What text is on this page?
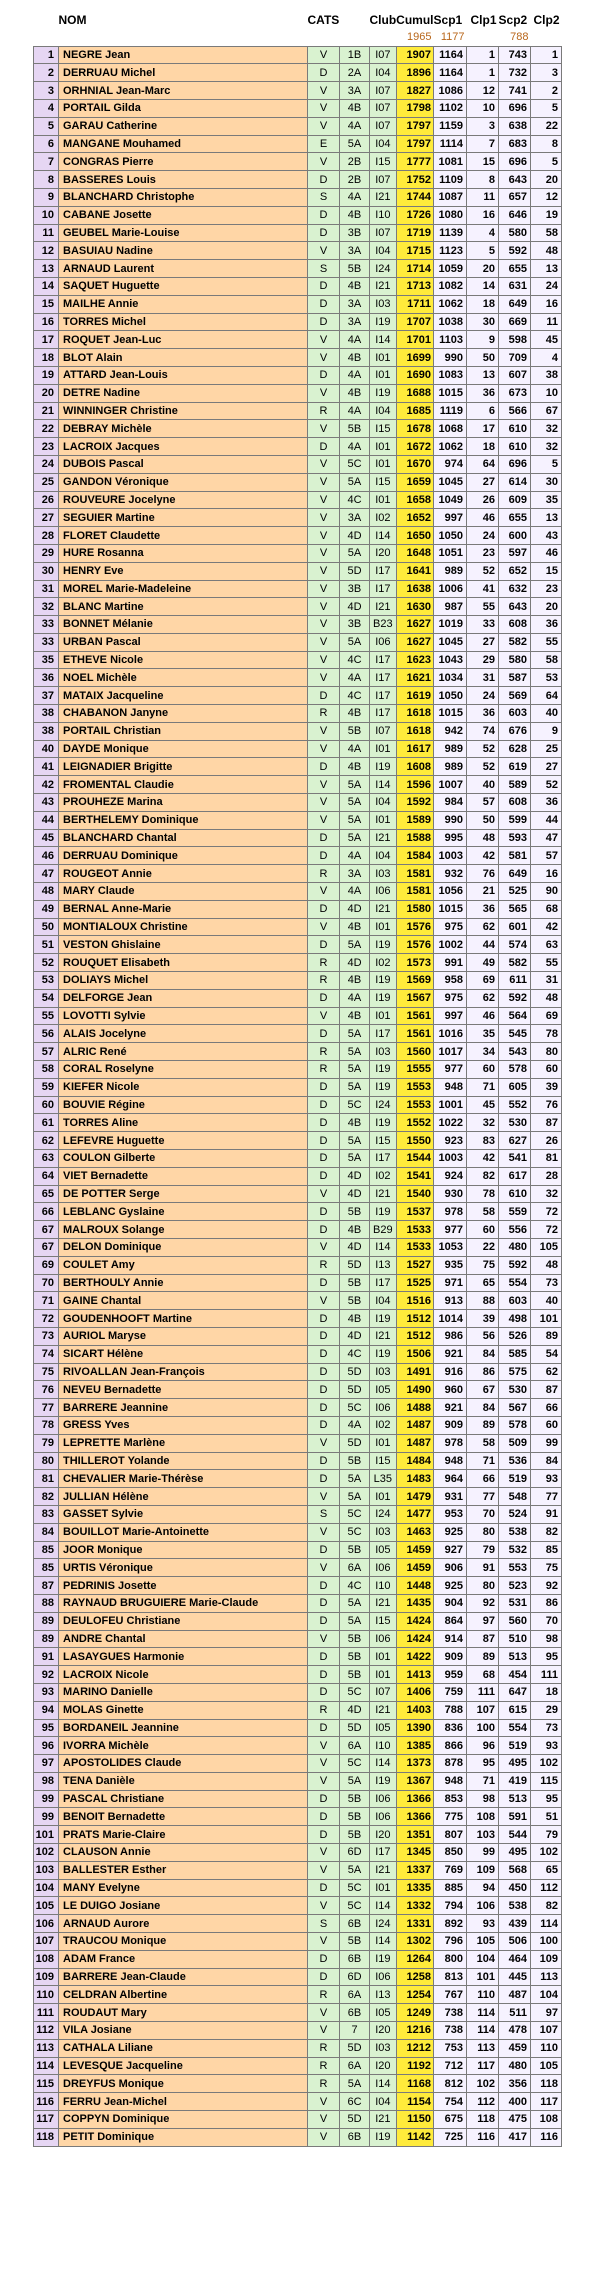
	NOM	CATS		Club	Cumul	Scp1	Clp1	Scp2	Clp2
					1965	1177		788	
1	NEGRE Jean	V	1B	I07	1907	1164	1	743	1
2	DERRUAU Michel	D	2A	I04	1896	1164	1	732	3
3	ORHNIAL Jean-Marc	V	3A	I07	1827	1086	12	741	2
4	PORTAIL Gilda	V	4B	I07	1798	1102	10	696	5
5	GARAU Catherine	V	4A	I07	1797	1159	3	638	22
6	MANGANE Mouhamed	E	5A	I04	1797	1114	7	683	8
7	CONGRAS Pierre	V	2B	I15	1777	1081	15	696	5
8	BASSERES Louis	D	2B	I07	1752	1109	8	643	20
9	BLANCHARD Christophe	S	4A	I21	1744	1087	11	657	12
10	CABANE Josette	D	4B	I10	1726	1080	16	646	19
11	GEUBEL Marie-Louise	D	3B	I07	1719	1139	4	580	58
12	BASUIAU Nadine	V	3A	I04	1715	1123	5	592	48
13	ARNAUD Laurent	S	5B	I24	1714	1059	20	655	13
14	SAQUET Huguette	D	4B	I21	1713	1082	14	631	24
15	MAILHE Annie	D	3A	I03	1711	1062	18	649	16
16	TORRES Michel	D	3A	I19	1707	1038	30	669	11
17	ROQUET Jean-Luc	V	4A	I14	1701	1103	9	598	45
18	BLOT Alain	V	4B	I01	1699	990	50	709	4
19	ATTARD Jean-Louis	D	4A	I01	1690	1083	13	607	38
20	DETRE Nadine	V	4B	I19	1688	1015	36	673	10
21	WINNINGER Christine	R	4A	I04	1685	1119	6	566	67
22	DEBRAY Michèle	V	5B	I15	1678	1068	17	610	32
23	LACROIX Jacques	D	4A	I01	1672	1062	18	610	32
24	DUBOIS Pascal	V	5C	I01	1670	974	64	696	5
25	GANDON Véronique	V	5A	I15	1659	1045	27	614	30
26	ROUVEURE Jocelyne	V	4C	I01	1658	1049	26	609	35
27	SEGUIER Martine	V	3A	I02	1652	997	46	655	13
28	FLORET Claudette	V	4D	I14	1650	1050	24	600	43
29	HURE Rosanna	V	5A	I20	1648	1051	23	597	46
30	HENRY Eve	V	5D	I17	1641	989	52	652	15
31	MOREL Marie-Madeleine	V	3B	I17	1638	1006	41	632	23
32	BLANC Martine	V	4D	I21	1630	987	55	643	20
33	BONNET Mélanie	V	3B	B23	1627	1019	33	608	36
33	URBAN Pascal	V	5A	I06	1627	1045	27	582	55
35	ETHEVE Nicole	V	4C	I17	1623	1043	29	580	58
36	NOEL Michèle	V	4A	I17	1621	1034	31	587	53
37	MATAIX Jacqueline	D	4C	I17	1619	1050	24	569	64
38	CHABANON Janyne	R	4B	I17	1618	1015	36	603	40
38	PORTAIL Christian	V	5B	I07	1618	942	74	676	9
40	DAYDE Monique	V	4A	I01	1617	989	52	628	25
41	LEIGNADIER Brigitte	D	4B	I19	1608	989	52	619	27
42	FROMENTAL Claudie	V	5A	I14	1596	1007	40	589	52
43	PROUHEZE Marina	V	5A	I04	1592	984	57	608	36
44	BERTHELEMY Dominique	V	5A	I01	1589	990	50	599	44
45	BLANCHARD Chantal	D	5A	I21	1588	995	48	593	47
46	DERRUAU Dominique	D	4A	I04	1584	1003	42	581	57
47	ROUGEOT Annie	R	3A	I03	1581	932	76	649	16
48	MARY Claude	V	4A	I06	1581	1056	21	525	90
49	BERNAL Anne-Marie	D	4D	I21	1580	1015	36	565	68
50	MONTIALOUX Christine	V	4B	I01	1576	975	62	601	42
51	VESTON Ghislaine	D	5A	I19	1576	1002	44	574	63
52	ROUQUET Elisabeth	R	4D	I02	1573	991	49	582	55
53	DOLIAYS Michel	R	4B	I19	1569	958	69	611	31
54	DELFORGE Jean	D	4A	I19	1567	975	62	592	48
55	LOVOTTI Sylvie	V	4B	I01	1561	997	46	564	69
56	ALAIS Jocelyne	D	5A	I17	1561	1016	35	545	78
57	ALRIC René	R	5A	I03	1560	1017	34	543	80
58	CORAL Roselyne	R	5A	I19	1555	977	60	578	60
59	KIEFER Nicole	D	5A	I19	1553	948	71	605	39
60	BOUVIE Régine	D	5C	I24	1553	1001	45	552	76
61	TORRES Aline	D	4B	I19	1552	1022	32	530	87
62	LEFEVRE Huguette	D	5A	I15	1550	923	83	627	26
63	COULON Gilberte	D	5A	I17	1544	1003	42	541	81
64	VIET Bernadette	D	4D	I02	1541	924	82	617	28
65	DE POTTER Serge	V	4D	I21	1540	930	78	610	32
66	LEBLANC Gyslaine	D	5B	I19	1537	978	58	559	72
67	MALROUX Solange	D	4B	B29	1533	977	60	556	72
67	DELON Dominique	V	4D	I14	1533	1053	22	480	105
69	COULET Amy	R	5D	I13	1527	935	75	592	48
70	BERTHOULY Annie	D	5B	I17	1525	971	65	554	73
71	GAINE Chantal	V	5B	I04	1516	913	88	603	40
72	GOUDENHOOFT Martine	D	4B	I19	1512	1014	39	498	101
73	AURIOL Maryse	D	4D	I21	1512	986	56	526	89
74	SICART Hélène	D	4C	I19	1506	921	84	585	54
75	RIVOALLAN Jean-François	D	5D	I03	1491	916	86	575	62
76	NEVEU Bernadette	D	5D	I05	1490	960	67	530	87
77	BARRERE Jeannine	D	5C	I06	1488	921	84	567	66
78	GRESS Yves	D	4A	I02	1487	909	89	578	60
79	LEPRETTE Marlène	V	5D	I01	1487	978	58	509	99
80	THILLEROT Yolande	D	5B	I15	1484	948	71	536	84
81	CHEVALIER Marie-Thérèse	D	5A	L35	1483	964	66	519	93
82	JULLIAN Hélène	V	5A	I01	1479	931	77	548	77
83	GASSET Sylvie	S	5C	I24	1477	953	70	524	91
84	BOUILLOT Marie-Antoinette	V	5C	I03	1463	925	80	538	82
85	JOOR Monique	D	5B	I05	1459	927	79	532	85
85	URTIS Véronique	V	6A	I06	1459	906	91	553	75
87	PEDRINIS Josette	D	4C	I10	1448	925	80	523	92
88	RAYNAUD BRUGUIERE Marie-Claude	D	5A	I21	1435	904	92	531	86
89	DEULOFEU Christiane	D	5A	I15	1424	864	97	560	70
89	ANDRE Chantal	V	5B	I06	1424	914	87	510	98
91	LASAYGUES Harmonie	D	5B	I01	1422	909	89	513	95
92	LACROIX Nicole	D	5B	I01	1413	959	68	454	111
93	MARINO Danielle	D	5C	I07	1406	759	111	647	18
94	MOLAS Ginette	R	4D	I21	1403	788	107	615	29
95	BORDANEIL Jeannine	D	5D	I05	1390	836	100	554	73
96	IVORRA Michèle	V	6A	I10	1385	866	96	519	93
97	APOSTOLIDES Claude	V	5C	I14	1373	878	95	495	102
98	TENA Danièle	V	5A	I19	1367	948	71	419	115
99	PASCAL Christiane	D	5B	I06	1366	853	98	513	95
99	BENOIT Bernadette	D	5B	I06	1366	775	108	591	51
101	PRATS Marie-Claire	D	5B	I20	1351	807	103	544	79
102	CLAUSON Annie	V	6D	I17	1345	850	99	495	102
103	BALLESTER Esther	V	5A	I21	1337	769	109	568	65
104	MANY Evelyne	D	5C	I01	1335	885	94	450	112
105	LE DUIGO Josiane	V	5C	I14	1332	794	106	538	82
106	ARNAUD Aurore	S	6B	I24	1331	892	93	439	114
107	TRAUCOU Monique	V	5B	I14	1302	796	105	506	100
108	ADAM France	D	6B	I19	1264	800	104	464	109
109	BARRERE Jean-Claude	D	6D	I06	1258	813	101	445	113
110	CELDRAN Albertine	R	6A	I13	1254	767	110	487	104
111	ROUDAUT Mary	V	6B	I05	1249	738	114	511	97
112	VILA Josiane	V	7	I20	1216	738	114	478	107
113	CATHALA Liliane	R	5D	I03	1212	753	113	459	110
114	LEVESQUE Jacqueline	R	6A	I20	1192	712	117	480	105
115	DREYFUS Monique	R	5A	I14	1168	812	102	356	118
116	FERRU Jean-Michel	V	6C	I04	1154	754	112	400	117
117	COPPYN Dominique	V	5D	I21	1150	675	118	475	108
118	PETIT Dominique	V	6B	I19	1142	725	116	417	116
